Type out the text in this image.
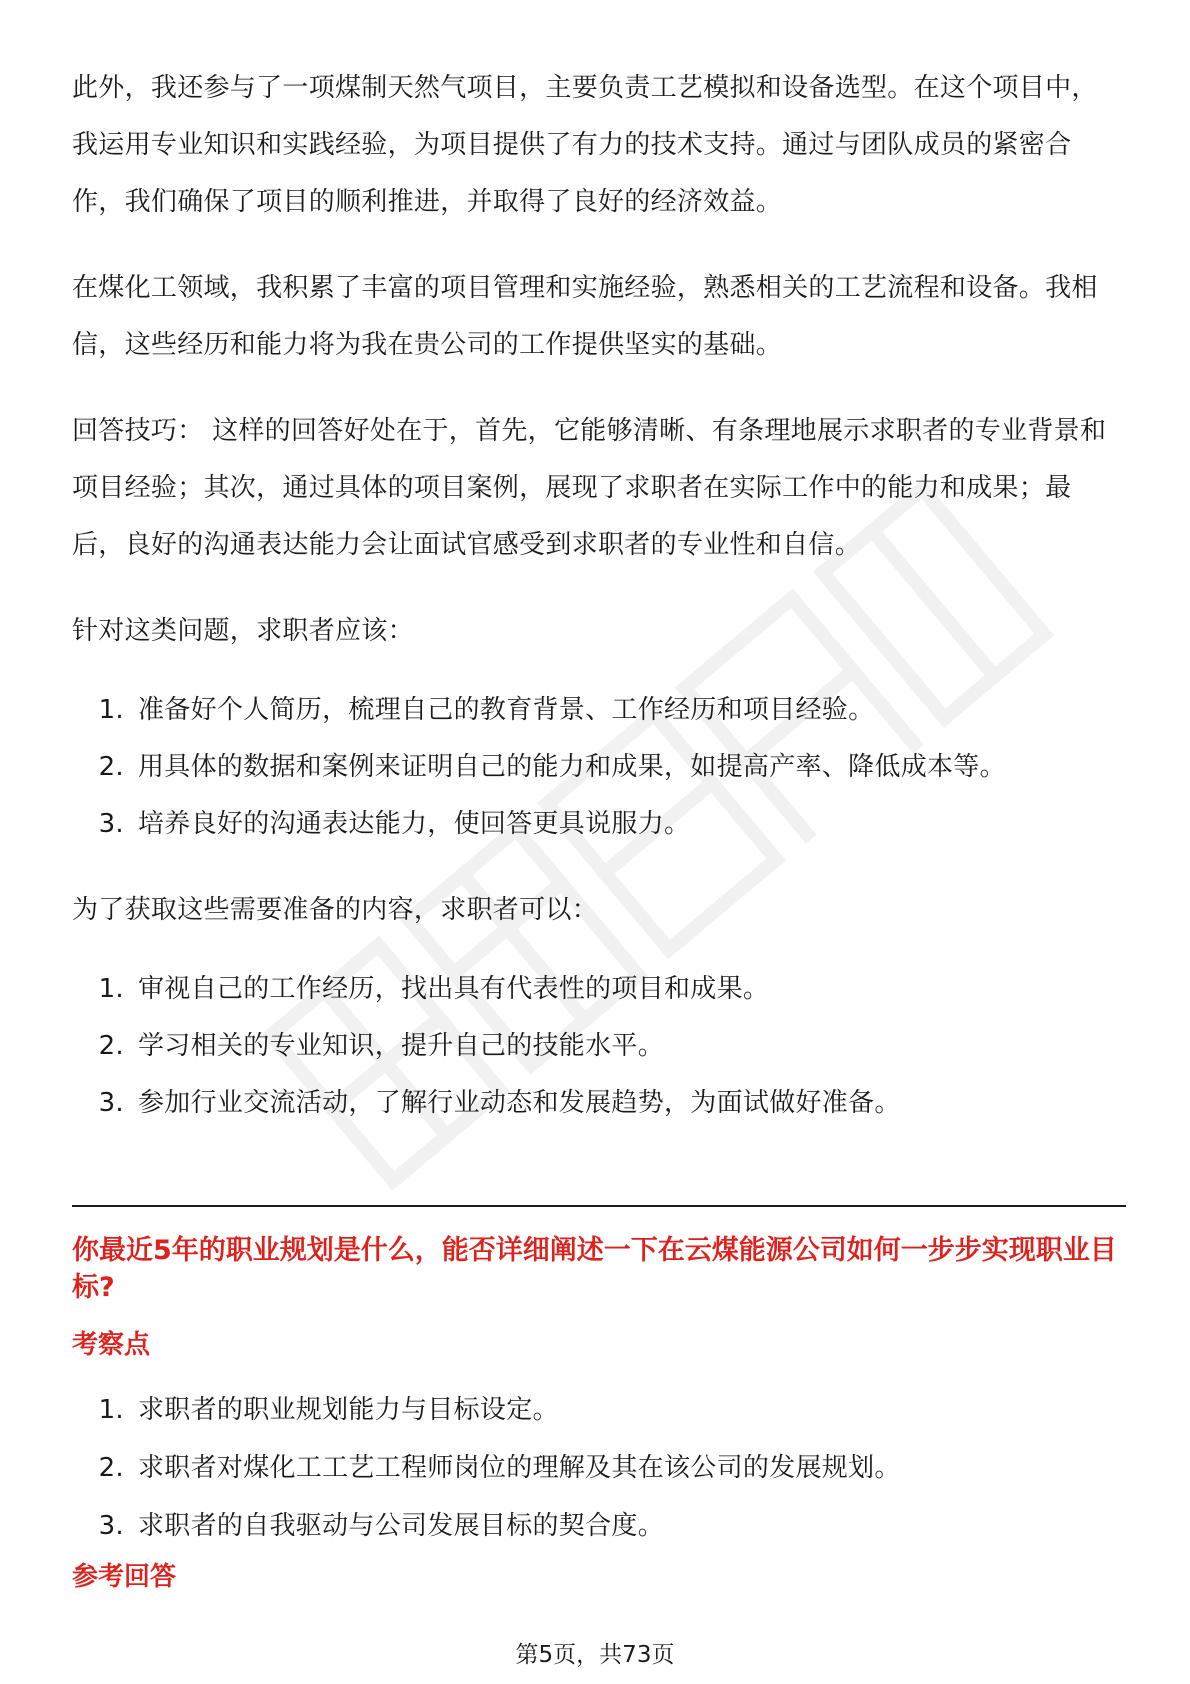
此外，我还参与了一项煤制天然气项目，主要负责工艺模拟和设备选型。在这个项目中，我运用专业知识和实践经验，为项目提供了有力的技术支持。通过与团队成员的紧密合作，我们确保了项目的顺利推进，并取得了良好的经济效益。

在煤化工领域，我积累了丰富的项目管理和实施经验，熟悉相关的工艺流程和设备。我相信，这些经历和能力将为我在贵公司的工作提供坚实的基础。

回答技巧： 这样的回答好处在于，首先，它能够清晰、有条理地展示求职者的专业背景和项目经验；其次，通过具体的项目案例，展现了求职者在实际工作中的能力和成果；最后，良好的沟通表达能力会让面试官感受到求职者的专业性和自信。

针对这类问题，求职者应该：

1. 准备好个人简历，梳理自己的教育背景、工作经历和项目经验。
2. 用具体的数据和案例来证明自己的能力和成果，如提高产率、降低成本等。
3. 培养良好的沟通表达能力，使回答更具说服力。

为了获取这些需要准备的内容，求职者可以：

1. 审视自己的工作经历，找出具有代表性的项目和成果。
2. 学习相关的专业知识，提升自己的技能水平。
3. 参加行业交流活动，了解行业动态和发展趋势，为面试做好准备。
你最近5年的职业规划是什么，能否详细阐述一下在云煤能源公司如何一步步实现职业目标?
考察点
1. 求职者的职业规划能力与目标设定。
2. 求职者对煤化工工艺工程师岗位的理解及其在该公司的发展规划。
3. 求职者的自我驱动与公司发展目标的契合度。
参考回答
第5页，共73页
